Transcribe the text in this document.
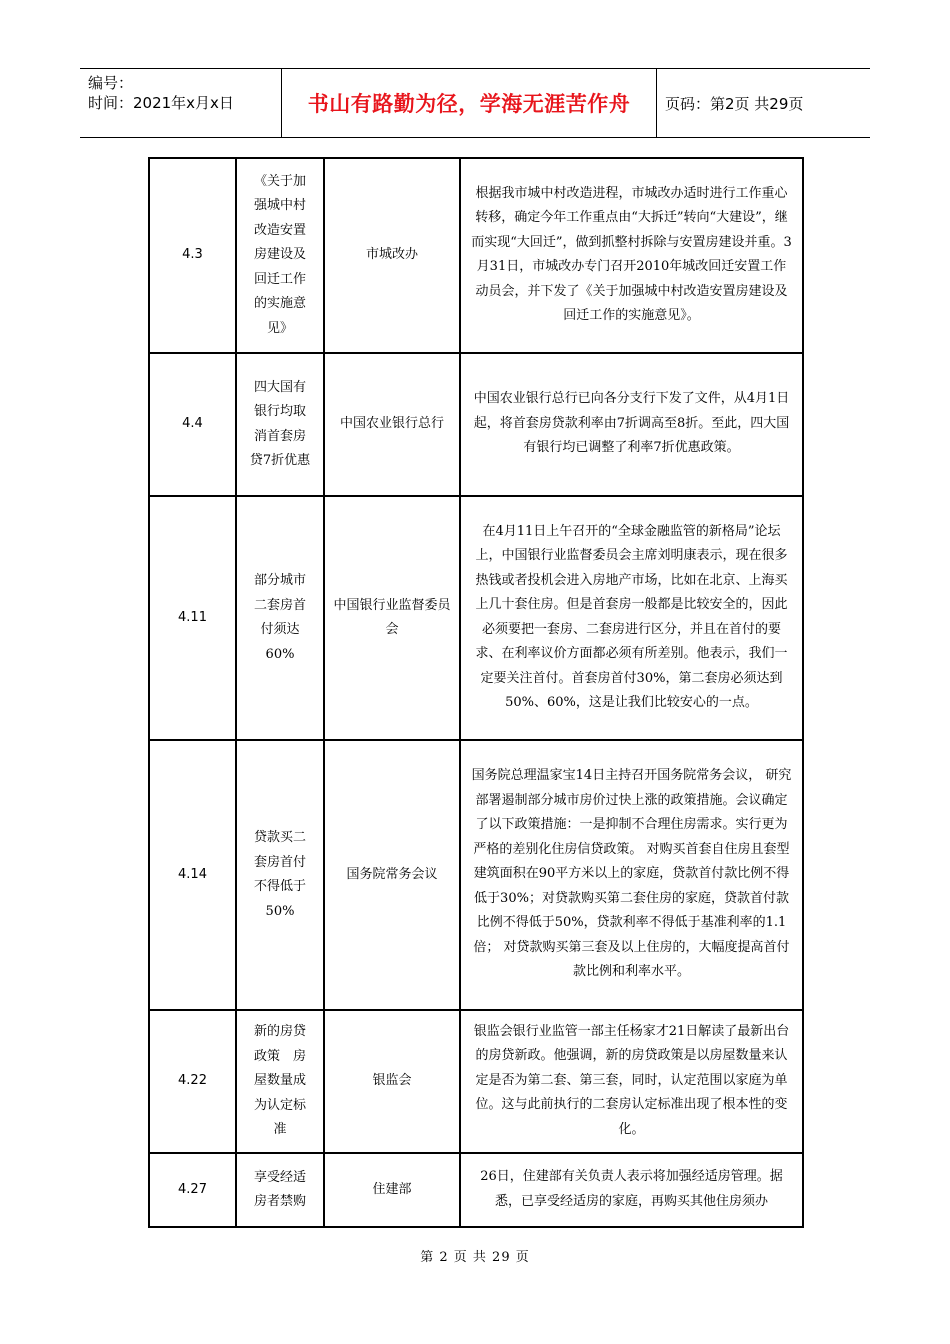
编号：
时间：2021年x月x日	书山有路勤为径，学海无涯苦作舟	页码：第2页 共29页
4.3	《关于加强城中村改造安置房建设及回迁工作的实施意见》	市城改办	根据我市城中村改造进程，市城改办适时进行工作重心转移，确定今年工作重点由“大拆迁”转向“大建设”，继而实现“大回迁”，做到抓整村拆除与安置房建设并重。3月31日，市城改办专门召开2010年城改回迁安置工作动员会，并下发了《关于加强城中村改造安置房建设及回迁工作的实施意见》。
4.4	四大国有银行均取消首套房贷7折优惠	中国农业银行总行	中国农业银行总行已向各分支行下发了文件，从4月1日起，将首套房贷款利率由7折调高至8折。至此，四大国有银行均已调整了利率7折优惠政策。
4.11	部分城市二套房首付须达60%	中国银行业监督委员会	在4月11日上午召开的“全球金融监管的新格局”论坛上，中国银行业监督委员会主席刘明康表示，现在很多热钱或者投机会进入房地产市场，比如在北京、上海买上几十套住房。但是首套房一般都是比较安全的，因此必须要把一套房、二套房进行区分，并且在首付的要求、在利率议价方面都必须有所差别。他表示，我们一定要关注首付。首套房首付30%，第二套房必须达到50%、60%，这是让我们比较安心的一点。
4.14	贷款买二套房首付不得低于50%	国务院常务会议	国务院总理温家宝14日主持召开国务院常务会议， 研究部署遏制部分城市房价过快上涨的政策措施。会议确定了以下政策措施：一是抑制不合理住房需求。实行更为严格的差别化住房信贷政策。 对购买首套自住房且套型建筑面积在90平方米以上的家庭，贷款首付款比例不得低于30%；对贷款购买第二套住房的家庭，贷款首付款比例不得低于50%，贷款利率不得低于基准利率的1.1倍； 对贷款购买第三套及以上住房的，大幅度提高首付款比例和利率水平。
4.22	新的房贷政策　房屋数量成为认定标准	银监会	银监会银行业监管一部主任杨家才21日解读了最新出台的房贷新政。他强调，新的房贷政策是以房屋数量来认定是否为第二套、第三套，同时，认定范围以家庭为单位。这与此前执行的二套房认定标准出现了根本性的变化。
4.27	享受经适房者禁购	住建部	26日，住建部有关负责人表示将加强经适房管理。据悉，已享受经适房的家庭，再购买其他住房须办
第 2 页 共 29 页
